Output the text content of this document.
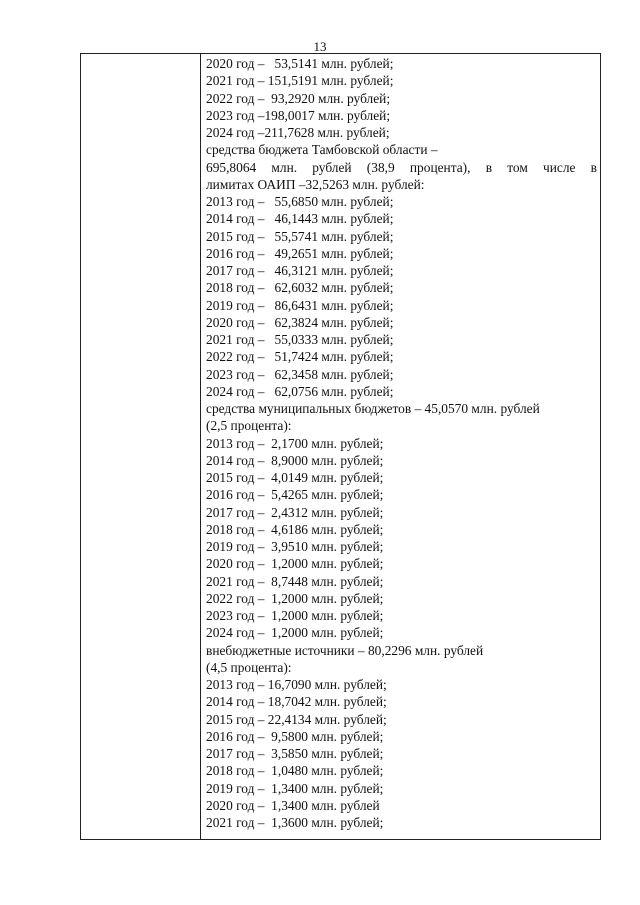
13
2020 год –   53,5141 млн. рублей;
2021 год – 151,5191 млн. рублей;
2022 год –  93,2920 млн. рублей;
2023 год –198,0017 млн. рублей;
2024 год –211,7628 млн. рублей;
средства бюджета Тамбовской области –
695,8064 млн. рублей (38,9 процента), в том числе в
лимитах ОАИП –32,5263 млн. рублей:
2013 год –   55,6850 млн. рублей;
2014 год –   46,1443 млн. рублей;
2015 год –   55,5741 млн. рублей;
2016 год –   49,2651 млн. рублей;
2017 год –   46,3121 млн. рублей;
2018 год –   62,6032 млн. рублей;
2019 год –   86,6431 млн. рублей;
2020 год –   62,3824 млн. рублей;
2021 год –   55,0333 млн. рублей;
2022 год –   51,7424 млн. рублей;
2023 год –   62,3458 млн. рублей;
2024 год –   62,0756 млн. рублей;
средства муниципальных бюджетов – 45,0570 млн. рублей
(2,5 процента):
2013 год –  2,1700 млн. рублей;
2014 год –  8,9000 млн. рублей;
2015 год –  4,0149 млн. рублей;
2016 год –  5,4265 млн. рублей;
2017 год –  2,4312 млн. рублей;
2018 год –  4,6186 млн. рублей;
2019 год –  3,9510 млн. рублей;
2020 год –  1,2000 млн. рублей;
2021 год –  8,7448 млн. рублей;
2022 год –  1,2000 млн. рублей;
2023 год –  1,2000 млн. рублей;
2024 год –  1,2000 млн. рублей;
внебюджетные источники – 80,2296 млн. рублей
(4,5 процента):
2013 год – 16,7090 млн. рублей;
2014 год – 18,7042 млн. рублей;
2015 год – 22,4134 млн. рублей;
2016 год –  9,5800 млн. рублей;
2017 год –  3,5850 млн. рублей;
2018 год –  1,0480 млн. рублей;
2019 год –  1,3400 млн. рублей;
2020 год –  1,3400 млн. рублей
2021 год –  1,3600 млн. рублей;
